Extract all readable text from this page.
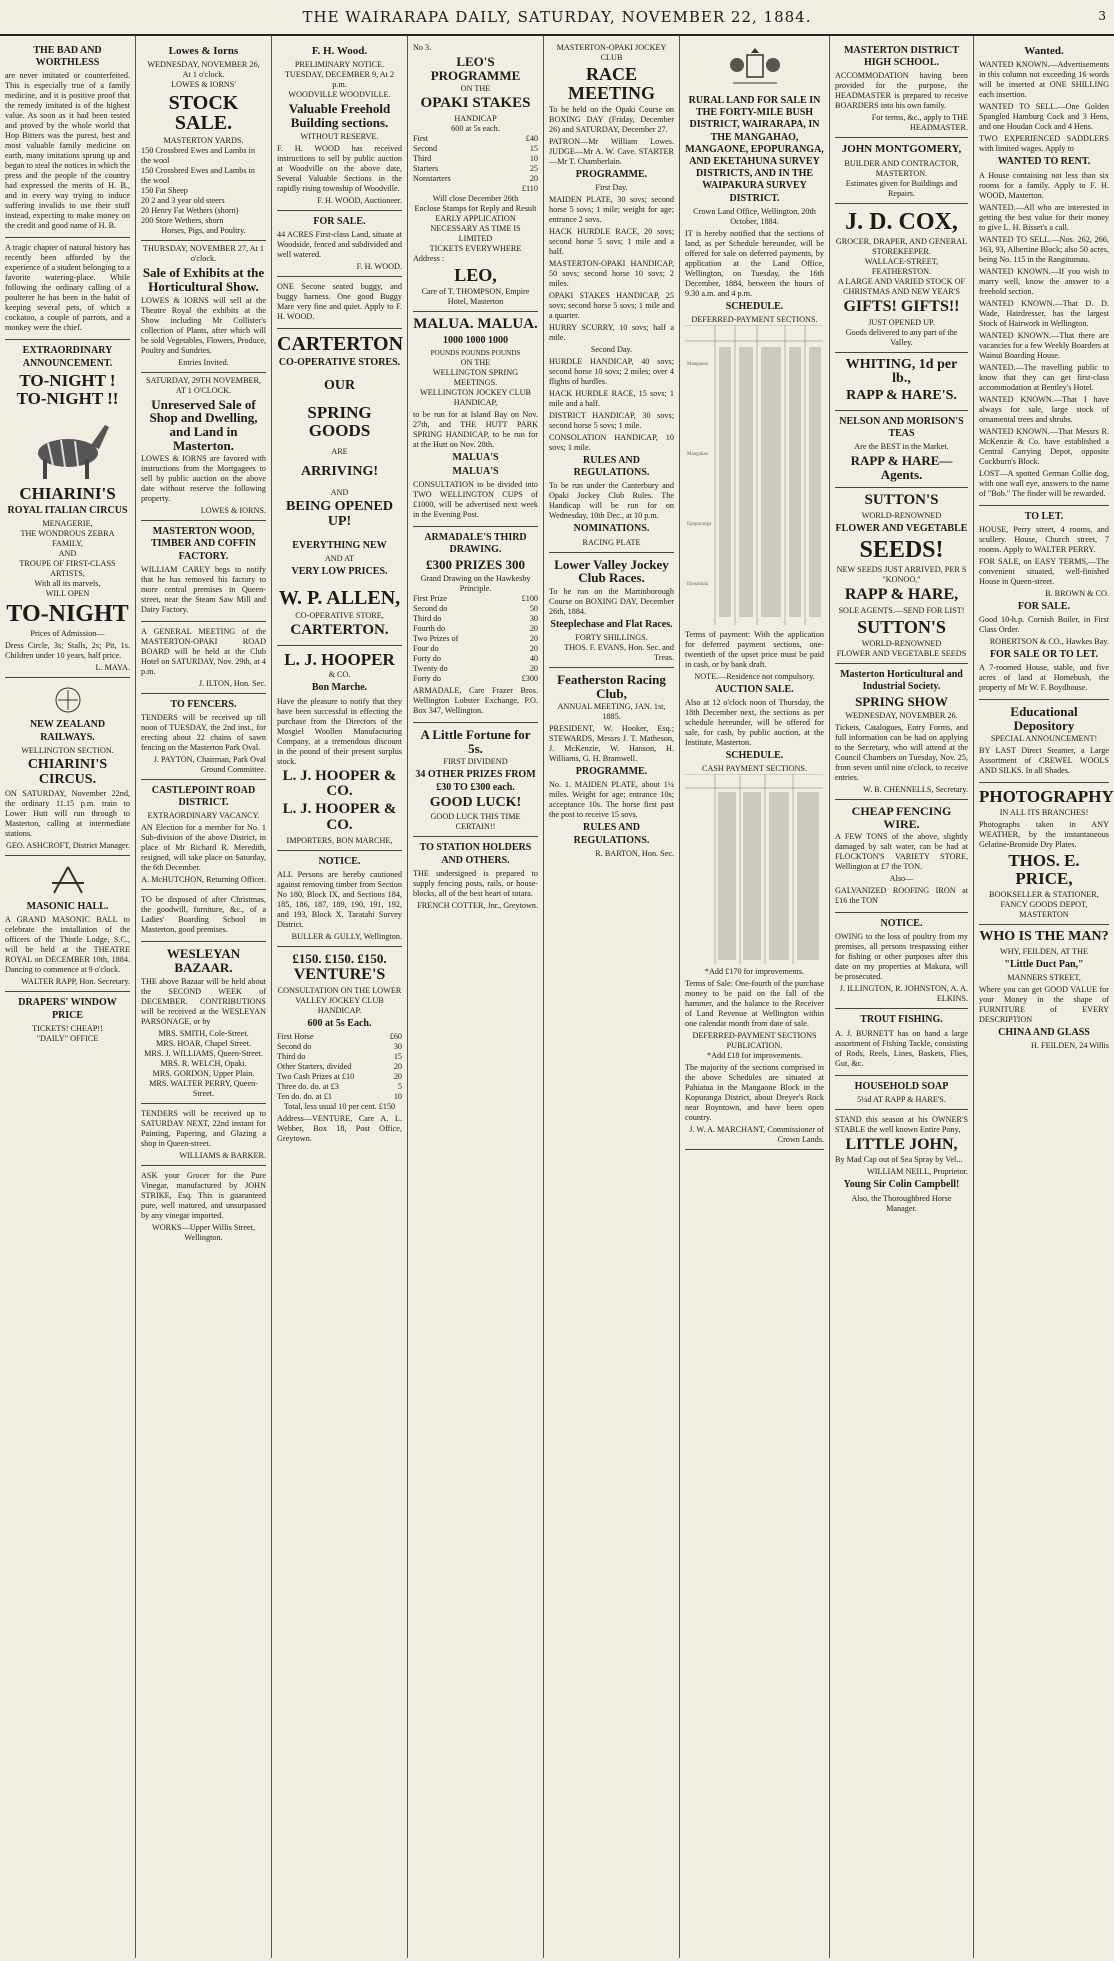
THE WAIRARAPA DAILY, SATURDAY, NOVEMBER 22, 1884.	3
THE BAD AND WORTHLESS
are never imitated or counterfeited. This is especially true of a family medicine, and it is positive proof that the remedy imitated is of the highest value. As soon as it had been tested and proved by the whole world that Hop Bitters was the purest, best and most valuable family medicine on earth, many imitations sprung up and began to steal the notices in which the press and the people of the country had expressed the merits of H. B., and in every way trying to induce suffering invalids to use their stuff instead, expecting to make money on the credit and good name of H. B.
A tragic chapter of natural history has recently been afforded by the experience of a student belonging to a favorite watering-place. While following the ordinary calling of a poulterer he has been in the habit of keeping several pets, of which a cockatoo, a couple of parrots, and a monkey were the chief.
EXTRAORDINARY ANNOUNCEMENT.
TO-NIGHT ! TO-NIGHT !!
CHIARINI'S
ROYAL ITALIAN CIRCUS
MENAGERIE,
THE WONDROUS ZEBRA FAMILY,
AND
TROUPE OF FIRST-CLASS ARTISTS,
With all its marvels,
WILL OPEN
TO-NIGHT
Prices of Admission—
Dress Circle, 3s; Stalls, 2s; Pit, 1s. Children under 10 years, half price.
L. MAYA.
NEW ZEALAND RAILWAYS.
WELLINGTON SECTION.
CHIARINI'S CIRCUS.
ON SATURDAY, November 22nd, the ordinary 11.15 p.m. train to Lower Hutt will run through to Masterton, calling at intermediate stations.
GEO. ASHCROFT, District Manager.
MASONIC HALL.
A GRAND MASONIC BALL to celebrate the installation of the officers of the Thistle Lodge, S.C., will be held at the THEATRE ROYAL on DECEMBER 10th, 1884. Dancing to commence at 9 o'clock.
WALTER RAPP, Hon. Secretary.
DRAPERS' WINDOW PRICE
TICKETS! CHEAP!!
"DAILY" OFFICE
Lowes & Iorns
WEDNESDAY, NOVEMBER 26,
At 1 o'clock.
LOWES & IORNS'
STOCK SALE.
MASTERTON YARDS.
150 Crossbred Ewes and Lambs in the wool
150 Crossbred Ewes and Lambs in the wool
150 Fat Sheep
20 2 and 3 year old steers
20 Henry Fat Wethers (shorn)
200 Store Wethers, shorn
Horses, Pigs, and Poultry.
THURSDAY, NOVEMBER 27, At 1 o'clock.
Sale of Exhibits at the Horticultural Show.
LOWES & IORNS will sell at the Theatre Royal the exhibits at the Show including Mr Collister's collection of Plants, after which will be sold Vegetables, Flowers, Produce, Poultry and Sundries.
Entries Invited.
SATURDAY, 29TH NOVEMBER, AT 1 O'CLOCK.
Unreserved Sale of Shop and Dwelling, and Land in Masterton.
LOWES & IORNS are favored with instructions from the Mortgagees to sell by public auction on the above date without reserve the following property.
LOWES & IORNS.
MASTERTON WOOD, TIMBER AND COFFIN FACTORY.
WILLIAM CAREY begs to notify that he has removed his factory to more central premises in Queen-street, near the Steam Saw Mill and Dairy Factory.
A GENERAL MEETING of the MASTERTON-OPAKI ROAD BOARD will be held at the Club Hotel on SATURDAY, Nov. 29th, at 4 p.m.
J. ILTON, Hon. Sec.
TO FENCERS.
TENDERS will be received up till noon of TUESDAY, the 2nd inst., for erecting about 22 chains of sawn fencing on the Masterton Park Oval.
J. PAYTON, Chairman, Park Oval Ground Committee.
CASTLEPOINT ROAD DISTRICT.
EXTRAORDINARY VACANCY.
AN Election for a member for No. 1 Sub-division of the above District, in place of Mr Richard R. Meredith, resigned, will take place on Saturday, the 6th December.
A. McHUTCHON, Returning Officer.
TO be disposed of after Christmas, the goodwill, furniture, &c., of a Ladies' Boarding School in Masterton, good premises.
WESLEYAN BAZAAR.
THE above Bazaar will be held about the SECOND WEEK of DECEMBER. CONTRIBUTIONS will be received at the WESLEYAN PARSONAGE, or by
MRS. SMITH, Cole-Street.
MRS. HOAR, Chapel Street.
MRS. J. WILLIAMS, Queen-Street.
MRS. R. WELCH, Opaki.
MRS. GORDON, Upper Plain.
MRS. WALTER PERRY, Queen-Street.
TENDERS will be received up to SATURDAY NEXT, 22nd instant for Painting, Papering, and Glazing a shop in Queen-street.
WILLIAMS & BARKER.
ASK your Grocer for the Pure Vinegar, manufactured by JOHN STRIKE, Esq. This is guaranteed pure, well matured, and unsurpassed by any vinegar imported.
WORKS—Upper Willis Street, Wellington.
F. H. Wood.
PRELIMINARY NOTICE.
TUESDAY, DECEMBER 9, At 2 p.m.
WOODVILLE WOODVILLE.
Valuable Freehold Building sections.
WITHOUT RESERVE.
F. H. WOOD has received instructions to sell by public auction at Woodville on the above date, Several Valuable Sections in the rapidly rising township of Woodville.
F. H. WOOD, Auctioneer.
FOR SALE.
44 ACRES First-class Land, situate at Woodside, fenced and subdivided and well watered.
F. H. WOOD.
ONE Secone seated buggy, and buggy harness. One good Buggy Mare very fine and quiet. Apply to F. H. WOOD.
CARTERTON
CO-OPERATIVE STORES.
OUR
SPRING GOODS
ARE
ARRIVING!
AND
BEING OPENED UP!
EVERYTHING NEW
AND AT
VERY LOW PRICES.
W. P. ALLEN,
CO-OPERATIVE STORE,
CARTERTON.
L. J. HOOPER
& CO.
Bon Marche.
Have the pleasure to notify that they have been successful in effecting the purchase from the Directors of the Mosgiel Woollen Manufacturing Company, at a tremendous discount in the pound of their present surplus stock.
L. J. HOOPER & CO.
L. J. HOOPER & CO.
IMPORTERS, BON MARCHE,
NOTICE.
ALL Persons are hereby cautioned against removing timber from Section No 180, Block IX, and Sections 184, 185, 186, 187, 189, 190, 191, 192, and 193, Block X, Taratahi Survey District.
BULLER & GULLY, Wellington.
£150. £150. £150.
VENTURE'S
CONSULTATION ON THE LOWER VALLEY JOCKEY CLUB HANDICAP.
600 at 5s Each.
First Horse	£60
Second do	30
Third do	15
Other Starters, divided	20
Two Cash Prizes at £10	20
Three do. do. at £3	5
Ten do. do. at £1	10
Total, less usual 10 per cent. £150
Address—VENTURE, Care A. L. Webber, Box 18, Post Office, Greytown.
No 3.
LEO'S PROGRAMME
ON THE
OPAKI STAKES
HANDICAP
600 at 5s each.
First	£40
Second	15
Third	10
Starters	25
Nonstarters	20
£110
Will close December 26th
Enclose Stamps for Reply and Result
EARLY APPLICATION NECESSARY AS TIME IS LIMITED
TICKETS EVERYWHERE
Address :
LEO,
Care of T. THOMPSON, Empire Hotel, Masterton
MALUA. MALUA.
1000 1000 1000
POUNDS POUNDS POUNDS
ON THE
WELLINGTON SPRING MEETINGS.
WELLINGTON JOCKEY CLUB HANDICAP,
to be run for at Island Bay on Nov. 27th, and THE HUTT PARK SPRING HANDICAP, to be run for at the Hutt on Nov. 28th.
MALUA'S
MALUA'S
CONSULTATION to be divided into TWO WELLINGTON CUPS of £1000, will be advertised next week in the Evening Post.
ARMADALE'S THIRD DRAWING.
£300 PRIZES 300
Grand Drawing on the Hawkesby Principle.
First Prize	£100
Second do	50
Third do	30
Fourth do	20
Two Prizes of	20
Four do	20
Forty do	40
Twenty do	20
Forty do	£300
ARMADALE, Care Frazer Bros. Wellington Lobster Exchange, P.O. Box 347, Wellington.
A Little Fortune for 5s.
FIRST DIVIDEND
34 OTHER PRIZES FROM £30 TO £300 each.
GOOD LUCK!
GOOD LUCK THIS TIME CERTAIN!!
TO STATION HOLDERS AND OTHERS.
THE undersigned is prepared to supply fencing posts, rails, or house-blocks, all of the best heart of totara.
FRENCH COTTER, Jnr., Greytown.
MASTERTON-OPAKI JOCKEY CLUB
RACE MEETING
To be held on the Opaki Course on BOXING DAY (Friday, December 26) and SATURDAY, December 27.
PATRON—Mr William Lowes. JUDGE—Mr A. W. Cave. STARTER—Mr T. Chamberlain.
PROGRAMME.
First Day.
MAIDEN PLATE, 30 sovs; second horse 5 sovs; 1 mile; weight for age; entrance 2 sovs.
HACK HURDLE RACE, 20 sovs; second horse 5 sovs; 1 mile and a half.
MASTERTON-OPAKI HANDICAP, 50 sovs; second horse 10 sovs; 2 miles.
OPAKI STAKES HANDICAP, 25 sovs; second horse 5 sovs; 1 mile and a quarter.
HURRY SCURRY, 10 sovs; half a mile.
Second Day.
HURDLE HANDICAP, 40 sovs; second horse 10 sovs; 2 miles; over 4 flights of hurdles.
HACK HURDLE RACE, 15 sovs; 1 mile and a half.
DISTRICT HANDICAP, 30 sovs; second horse 5 sovs; 1 mile.
CONSOLATION HANDICAP, 10 sovs; 1 mile.
RULES AND REGULATIONS.
To be run under the Canterbury and Opaki Jockey Club Rules. The Handicap will be run for on Wednesday, 10th Dec., at 10 p.m.
NOMINATIONS.
RACING PLATE
Lower Valley Jockey Club Races.
To be run on the Martinborough Course on BOXING DAY, December 26th, 1884.
Steeplechase and Flat Races.
FORTY SHILLINGS.
THOS. F. EVANS, Hon. Sec. and Treas.
Featherston Racing Club,
ANNUAL MEETING, JAN. 1st, 1885.
PRESIDENT, W. Hooker, Esq.; STEWARDS, Messrs J. T. Matheson, J. McKenzie, W. Hanson, H. Williams, G. H. Bramwell.
PROGRAMME.
No. 1. MAIDEN PLATE, about 1¼ miles. Weight for age; entrance 10s; acceptance 10s. The horse first past the post to receive 15 sovs.
RULES AND REGULATIONS.
R. BARTON, Hon. Sec.
RURAL LAND FOR SALE IN THE FORTY-MILE BUSH DISTRICT, WAIRARAPA, IN THE MANGAHAO, MANGAONE, EPOPURANGA, AND EKETAHUNA SURVEY DISTRICTS, AND IN THE WAIPAKURA SURVEY DISTRICT.
Crown Land Office, Wellington, 20th October, 1884.
IT is hereby notified that the sections of land, as per Schedule hereunder, will be offered for sale on deferred payments, by application at the Land Office, Wellington, on Tuesday, the 16th December, 1884, between the hours of 9.30 a.m. and 4 p.m.
SCHEDULE.
DEFERRED-PAYMENT SECTIONS.
Mangaone
Mangahao
Epopuranga
Eketahuna
Terms of payment: With the application for deferred payment sections, one-twentieth of the upset price must be paid in cash, or by bank draft.
NOTE.—Residence not compulsory.
AUCTION SALE.
Also at 12 o'clock noon of Thursday, the 18th December next, the sections as per schedule hereunder, will be offered for sale, for cash, by public auction, at the Institute, Masterton.
SCHEDULE.
CASH PAYMENT SECTIONS.
*Add £170 for improvements.
Terms of Sale: One-fourth of the purchase money to be paid on the fall of the hammer, and the balance to the Receiver of Land Revenue at Wellington within one calendar month from date of sale.
DEFERRED-PAYMENT SECTIONS PUBLICATION.
*Add £18 for improvements.
The majority of the sections comprised in the above Schedules are situated at Pahiatua in the Mangaone Block in the Kopuranga District, about Dreyer's Rock near Boyntown, and have been open country.
J. W. A. MARCHANT, Commissioner of Crown Lands.
MASTERTON DISTRICT HIGH SCHOOL.
ACCOMMODATION having been provided for the purpose, the HEADMASTER is prepared to receive BOARDERS into his own family.
For terms, &c., apply to THE HEADMASTER.
JOHN MONTGOMERY,
BUILDER AND CONTRACTOR,
MASTERTON.
Estimates given for Buildings and Repairs.
J. D. COX,
GROCER, DRAPER, AND GENERAL STOREKEEPER.
WALLACE-STREET, FEATHERSTON.
A LARGE AND VARIED STOCK OF CHRISTMAS AND NEW YEAR'S
GIFTS! GIFTS!!
JUST OPENED UP.
Goods delivered to any part of the Valley.
WHITING, 1d per lb.,
RAPP & HARE'S.
NELSON AND MORISON'S TEAS
Are the BEST in the Market.
RAPP & HARE—Agents.
SUTTON'S
WORLD-RENOWNED
FLOWER AND VEGETABLE
SEEDS!
NEW SEEDS JUST ARRIVED, PER S "KONOO,"
RAPP & HARE,
SOLE AGENTS.—SEND FOR LIST!
SUTTON'S
WORLD-RENOWNED
FLOWER AND VEGETABLE SEEDS
Masterton Horticultural and Industrial Society.
SPRING SHOW
WEDNESDAY, NOVEMBER 26.
Tickets, Catalogues, Entry Forms, and full information can be had on applying to the Secretary, who will attend at the Council Chambers on Tuesday, Nov. 25, from seven until nine o'clock, to receive entries.
W. B. CHENNELLS, Secretary.
CHEAP FENCING WIRE.
A FEW TONS of the above, slightly damaged by salt water, can be had at FLOCKTON'S VARIETY STORE, Wellington at £7 the TON.
Also—
GALVANIZED ROOFING IRON at £16 the TON
NOTICE.
OWING to the loss of poultry from my premises, all persons trespassing either for fishing or other purposes after this date on my properties at Makura, will be prosecuted.
J. ILLINGTON, R. JOHNSTON, A. A. ELKINS.
TROUT FISHING.
A. J. BURNETT has on hand a large assortment of Fishing Tackle, consisting of Rods, Reels, Lines, Baskets, Flies, Gut, &c.
HOUSEHOLD SOAP
5¼d AT RAPP & HARE'S.
STAND this season at his OWNER'S STABLE the well known Entire Pony,
LITTLE JOHN,
By Mad Cap out of Sea Spray by Vel...
WILLIAM NEILL, Proprietor.
Young Sir Colin Campbell!
Also, the Thoroughbred Horse
Manager.
Wanted.
WANTED KNOWN.—Advertisements in this column not exceeding 16 words will be inserted at ONE SHILLING each insertion.
WANTED TO SELL.—One Golden Spangled Hamburg Cock and 3 Hens, and one Houdan Cock and 4 Hens.
TWO EXPERIENCED SADDLERS with limited wages. Apply to
WANTED TO RENT.
A House containing not less than six rooms for a family. Apply to F. H. WOOD, Masterton.
WANTED.—All who are interested in getting the best value for their money to give L. H. Bisset's a call.
WANTED TO SELL.—Nos. 262, 266, 163, 93, Albertine Block; also 50 acres, being No. 115 in the Rangitumau.
WANTED KNOWN.—If you wish to marry well, know the answer to a freehold section.
WANTED KNOWN.—That D. D. Wade, Hairdresser, has the largest Stock of Hairwork in Wellington.
WANTED KNOWN.—That there are vacancies for a few Weekly Boarders at Wainui Boarding House.
WANTED.—The travelling public to know that they can get first-class accommodation at Bentley's Hotel.
WANTED KNOWN.—That I have always for sale, large stock of ornamental trees and shrubs.
WANTED KNOWN.—That Messrs R. McKenzie & Co. have established a Central Carrying Depot, opposite Cockburn's Block.
LOST—A spotted German Collie dog, with one wall eye, answers to the name of "Bob." The finder will be rewarded.
TO LET.
HOUSE, Perry street, 4 rooms, and scullery. House, Church street, 7 rooms. Apply to WALTER PERRY.
FOR SALE, on EASY TERMS,—The convenient situated, well-finished House in Queen-street.
B. BROWN & CO.
FOR SALE.
Good 10-h.p. Cornish Boiler, in First Class Order.
ROBERTSON & CO., Hawkes Bay.
FOR SALE OR TO LET.
A 7-roomed House, stable, and five acres of land at Homebush, the property of Mr W. F. Boydhouse.
Educational Depository
SPECIAL ANNOUNCEMENT!
BY LAST Direct Steamer, a Large Assortment of CREWEL WOOLS AND SILKS. In all Shades.
PHOTOGRAPHY
IN ALL ITS BRANCHES!
Photographs taken in ANY WEATHER, by the instantaneous Gelatine-Bromide Dry Plates.
THOS. E. PRICE,
BOOKSELLER & STATIONER, FANCY GOODS DEPOT, MASTERTON
WHO IS THE MAN?
WHY, FEILDEN, AT THE
"Little Duct Pan,"
MANNERS STREET,
Where you can get GOOD VALUE for your Money in the shape of FURNITURE of EVERY DESCRIPTION
CHINA AND GLASS
H. FEILDEN, 24 Willis
